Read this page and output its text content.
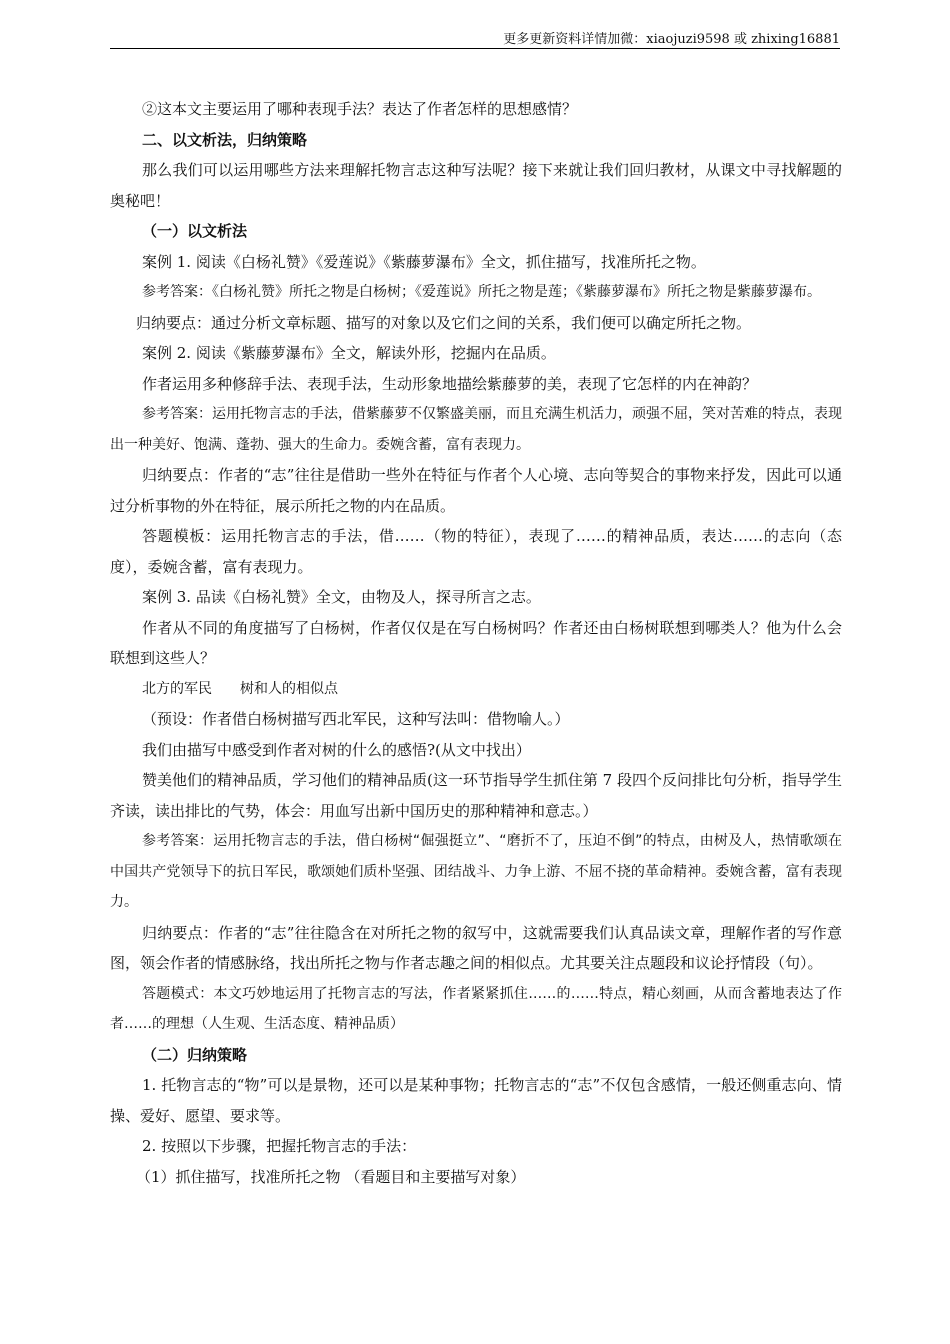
更多更新资料详情加微：xiaojuzi9598 或 zhixing16881

②这本文主要运用了哪种表现手法？表达了作者怎样的思想感情？

二、以文析法，归纳策略

那么我们可以运用哪些方法来理解托物言志这种写法呢？接下来就让我们回归教材，从课文中寻找解题的奥秘吧！

（一）以文析法

案例 1. 阅读《白杨礼赞》《爱莲说》《紫藤萝瀑布》全文，抓住描写，找准所托之物。

参考答案：《白杨礼赞》所托之物是白杨树；《爱莲说》所托之物是莲；《紫藤萝瀑布》所托之物是紫藤萝瀑布。

归纳要点：通过分析文章标题、描写的对象以及它们之间的关系，我们便可以确定所托之物。

案例 2. 阅读《紫藤萝瀑布》全文，解读外形，挖掘内在品质。

作者运用多种修辞手法、表现手法，生动形象地描绘紫藤萝的美，表现了它怎样的内在神韵？

参考答案：运用托物言志的手法，借紫藤萝不仅繁盛美丽，而且充满生机活力，顽强不屈，笑对苦难的特点，表现出一种美好、饱满、蓬勃、强大的生命力。委婉含蓄，富有表现力。

归纳要点：作者的“志”往往是借助一些外在特征与作者个人心境、志向等契合的事物来抒发，因此可以通过分析事物的外在特征，展示所托之物的内在品质。

答题模板：运用托物言志的手法，借……（物的特征），表现了……的精神品质，表达……的志向（态度），委婉含蓄，富有表现力。

案例 3. 品读《白杨礼赞》全文，由物及人，探寻所言之志。

作者从不同的角度描写了白杨树，作者仅仅是在写白杨树吗？作者还由白杨树联想到哪类人？他为什么会联想到这些人？

北方的军民 树和人的相似点

（预设：作者借白杨树描写西北军民，这种写法叫：借物喻人。）

我们由描写中感受到作者对树的什么的感悟?(从文中找出）

赞美他们的精神品质，学习他们的精神品质(这一环节指导学生抓住第 7 段四个反问排比句分析，指导学生齐读，读出排比的气势，体会：用血写出新中国历史的那种精神和意志。）

参考答案：运用托物言志的手法，借白杨树“倔强挺立”、“磨折不了，压迫不倒”的特点，由树及人，热情歌颂在中国共产党领导下的抗日军民，歌颂她们质朴坚强、团结战斗、力争上游、不屈不挠的革命精神。委婉含蓄，富有表现力。

归纳要点：作者的“志”往往隐含在对所托之物的叙写中，这就需要我们认真品读文章，理解作者的写作意图，领会作者的情感脉络，找出所托之物与作者志趣之间的相似点。尤其要关注点题段和议论抒情段（句）。

答题模式：本文巧妙地运用了托物言志的写法，作者紧紧抓住……的……特点，精心刻画，从而含蓄地表达了作者……的理想（人生观、生活态度、精神品质）

（二）归纳策略

1. 托物言志的“物”可以是景物，还可以是某种事物；托物言志的“志”不仅包含感情，一般还侧重志向、情操、爱好、愿望、要求等。

2. 按照以下步骤，把握托物言志的手法：

（1）抓住描写，找准所托之物 （看题目和主要描写对象）
